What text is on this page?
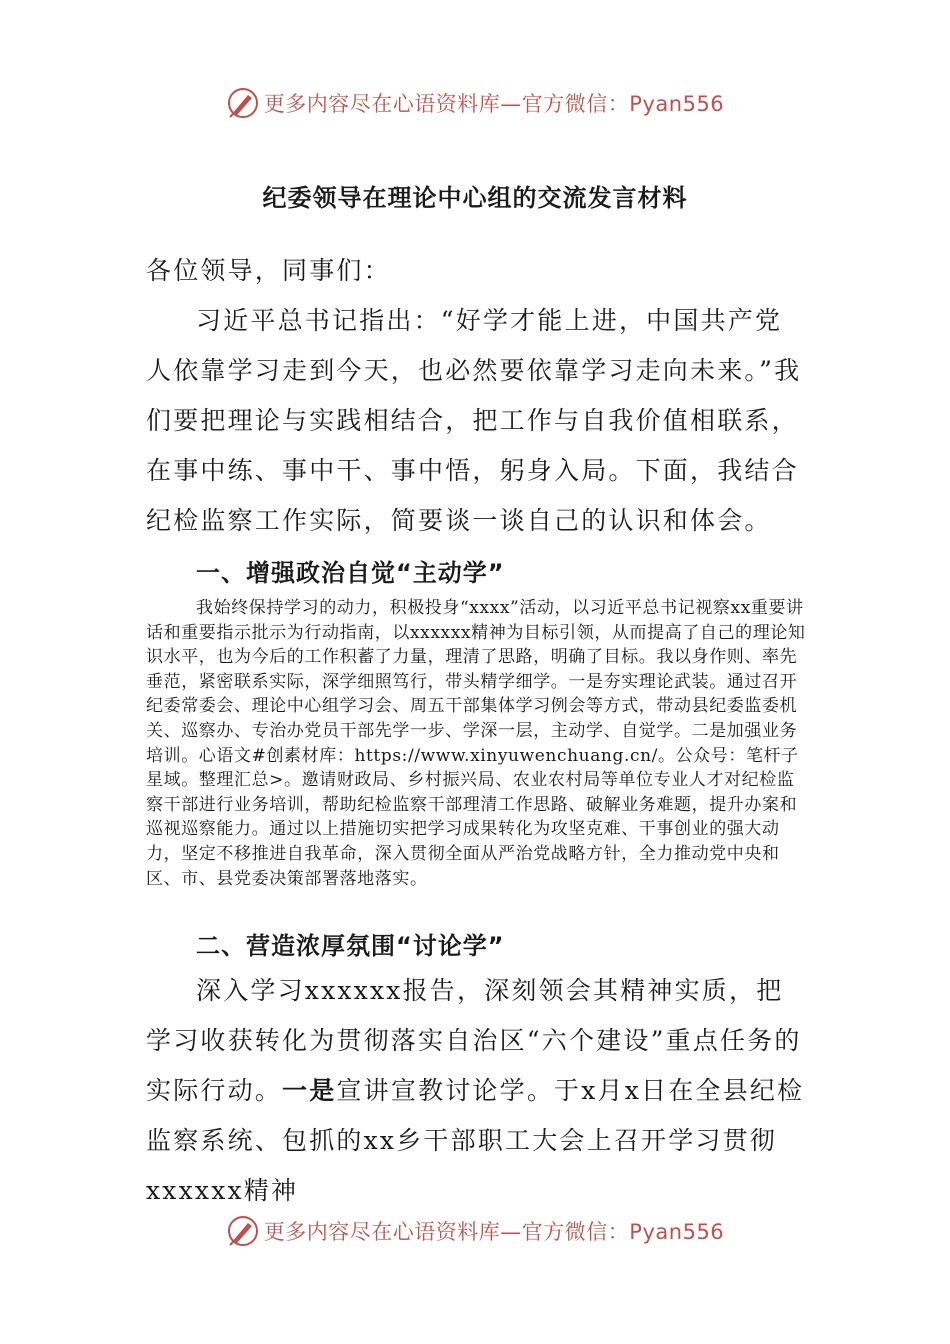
更多内容尽在心语资料库—官方微信：Pyan556
纪委领导在理论中心组的交流发言材料
各位领导，同事们：
习近平总书记指出：“好学才能上进，中国共产党人依靠学习走到今天，也必然要依靠学习走向未来。”我们要把理论与实践相结合，把工作与自我价值相联系，在事中练、事中干、事中悟，躬身入局。下面，我结合纪检监察工作实际，简要谈一谈自己的认识和体会。
一、增强政治自觉“主动学”
我始终保持学习的动力，积极投身“xxxx”活动，以习近平总书记视察xx重要讲话和重要指示批示为行动指南，以xxxxxx精神为目标引领，从而提高了自己的理论知识水平，也为今后的工作积蓄了力量，理清了思路，明确了目标。我以身作则、率先垂范，紧密联系实际，深学细照笃行，带头精学细学。一是夯实理论武装。通过召开纪委常委会、理论中心组学习会、周五干部集体学习例会等方式，带动县纪委监委机关、巡察办、专治办党员干部先学一步、学深一层，主动学、自觉学。二是加强业务培训。心语文#创素材库：https://www.xinyuwenchuang.cn/。公众号：笔杆子星域。整理汇总>。邀请财政局、乡村振兴局、农业农村局等单位专业人才对纪检监察干部进行业务培训，帮助纪检监察干部理清工作思路、破解业务难题，提升办案和巡视巡察能力。通过以上措施切实把学习成果转化为攻坚克难、干事创业的强大动力，坚定不移推进自我革命，深入贯彻全面从严治党战略方针，全力推动党中央和区、市、县党委决策部署落地落实。
二、营造浓厚氛围“讨论学”
深入学习xxxxxx报告，深刻领会其精神实质，把学习收获转化为贯彻落实自治区“六个建设”重点任务的实际行动。一是宣讲宣教讨论学。于x月x日在全县纪检监察系统、包抓的xx乡干部职工大会上召开学习贯彻xxxxxx精神
更多内容尽在心语资料库—官方微信：Pyan556
